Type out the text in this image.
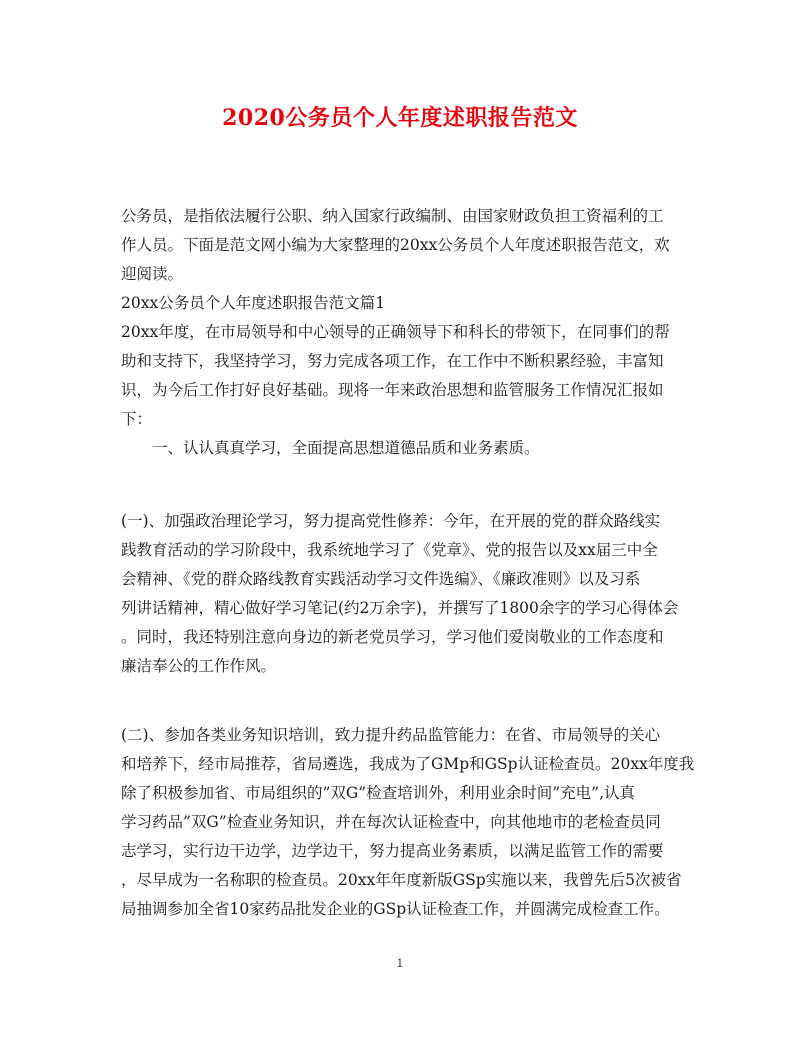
2020公务员个人年度述职报告范文
公务员，是指依法履行公职、纳入国家行政编制、由国家财政负担工资福利的工
作人员。下面是范文网小编为大家整理的20xx公务员个人年度述职报告范文，欢
迎阅读。
20xx公务员个人年度述职报告范文篇1
20xx年度，在市局领导和中心领导的正确领导下和科长的带领下，在同事们的帮
助和支持下，我坚持学习，努力完成各项工作，在工作中不断积累经验，丰富知
识，为今后工作打好良好基础。现将一年来政治思想和监管服务工作情况汇报如
下：
一、认认真真学习，全面提高思想道德品质和业务素质。
(一)、加强政治理论学习，努力提高党性修养：今年，在开展的党的群众路线实
践教育活动的学习阶段中，我系统地学习了《党章》、党的报告以及xx届三中全
会精神、《党的群众路线教育实践活动学习文件选编》、《廉政准则》以及习系
列讲话精神，精心做好学习笔记(约2万余字)，并撰写了1800余字的学习心得体会
。同时，我还特别注意向身边的新老党员学习，学习他们爱岗敬业的工作态度和
廉洁奉公的工作作风。
(二)、参加各类业务知识培训，致力提升药品监管能力：在省、市局领导的关心
和培养下，经市局推荐，省局遴选，我成为了GMp和GSp认证检查员。20xx年度我
除了积极参加省、市局组织的”双G”检查培训外，利用业余时间”充电”,认真
学习药品”双G”检查业务知识，并在每次认证检查中，向其他地市的老检查员同
志学习，实行边干边学，边学边干，努力提高业务素质，以满足监管工作的需要
，尽早成为一名称职的检查员。20xx年年度新版GSp实施以来，我曾先后5次被省
局抽调参加全省10家药品批发企业的GSp认证检查工作，并圆满完成检查工作。
1
